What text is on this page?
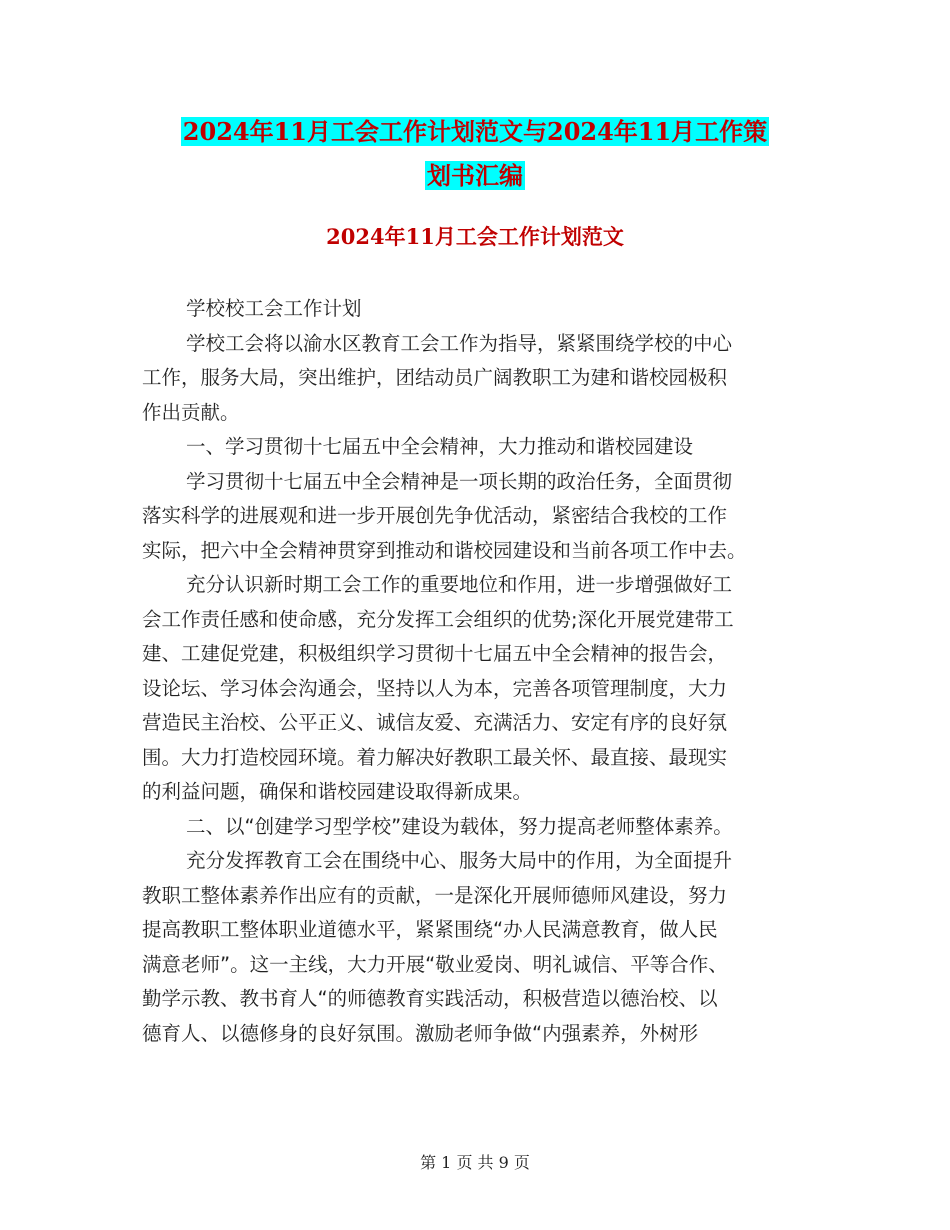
2024年11月工会工作计划范文与2024年11月工作策
划书汇编
2024年11月工会工作计划范文
学校校工会工作计划
学校工会将以渝水区教育工会工作为指导，紧紧围绕学校的中心
工作，服务大局，突出维护，团结动员广阔教职工为建和谐校园极积
作出贡献。
一、学习贯彻十七届五中全会精神，大力推动和谐校园建设
学习贯彻十七届五中全会精神是一项长期的政治任务，全面贯彻
落实科学的进展观和进一步开展创先争优活动，紧密结合我校的工作
实际，把六中全会精神贯穿到推动和谐校园建设和当前各项工作中去。
充分认识新时期工会工作的重要地位和作用，进一步增强做好工
会工作责任感和使命感，充分发挥工会组织的优势;深化开展党建带工
建、工建促党建，积极组织学习贯彻十七届五中全会精神的报告会，
设论坛、学习体会沟通会，坚持以人为本，完善各项管理制度，大力
营造民主治校、公平正义、诚信友爱、充满活力、安定有序的良好氛
围。大力打造校园环境。着力解决好教职工最关怀、最直接、最现实
的利益问题，确保和谐校园建设取得新成果。
二、以“创建学习型学校”建设为载体，努力提高老师整体素养。
充分发挥教育工会在围绕中心、服务大局中的作用，为全面提升
教职工整体素养作出应有的贡献，一是深化开展师德师风建设，努力
提高教职工整体职业道德水平，紧紧围绕“办人民满意教育，做人民
满意老师”。这一主线，大力开展“敬业爱岗、明礼诚信、平等合作、
勤学示教、教书育人“的师德教育实践活动，积极营造以德治校、以
德育人、以德修身的良好氛围。激励老师争做“内强素养，外树形
第 1 页 共 9 页
